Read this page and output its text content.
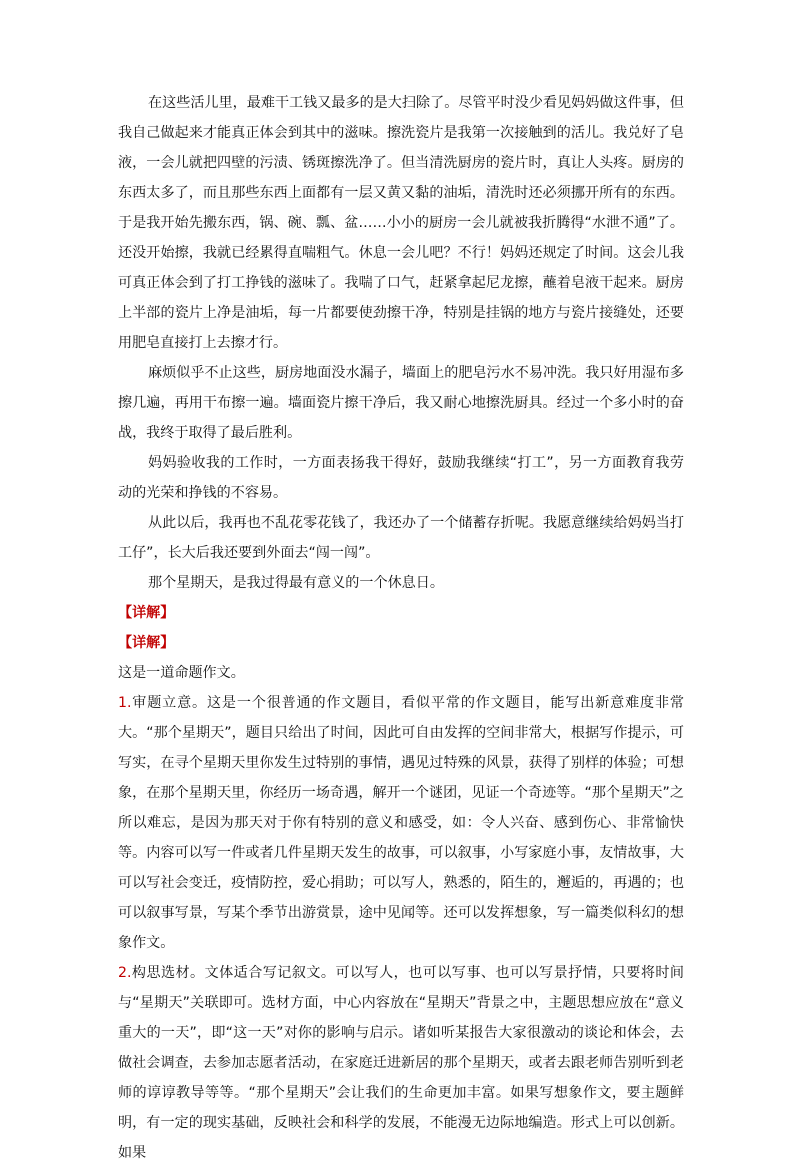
在这些活儿里，最难干工钱又最多的是大扫除了。尽管平时没少看见妈妈做这件事，但我自己做起来才能真正体会到其中的滋味。擦洗瓷片是我第一次接触到的活儿。我兑好了皂液，一会儿就把四壁的污渍、锈斑擦洗净了。但当清洗厨房的瓷片时，真让人头疼。厨房的东西太多了，而且那些东西上面都有一层又黄又黏的油垢，清洗时还必须挪开所有的东西。于是我开始先搬东西，锅、碗、瓢、盆……小小的厨房一会儿就被我折腾得“水泄不通”了。还没开始擦，我就已经累得直喘粗气。休息一会儿吧？不行！妈妈还规定了时间。这会儿我可真正体会到了打工挣钱的滋味了。我喘了口气，赶紧拿起尼龙擦，蘸着皂液干起来。厨房上半部的瓷片上净是油垢，每一片都要使劲擦干净，特别是挂锅的地方与瓷片接缝处，还要用肥皂直接打上去擦才行。

麻烦似乎不止这些，厨房地面没水漏子，墙面上的肥皂污水不易冲洗。我只好用湿布多擦几遍，再用干布擦一遍。墙面瓷片擦干净后，我又耐心地擦洗厨具。经过一个多小时的奋战，我终于取得了最后胜利。

妈妈验收我的工作时，一方面表扬我干得好，鼓励我继续“打工”，另一方面教育我劳动的光荣和挣钱的不容易。

从此以后，我再也不乱花零花钱了，我还办了一个储蓄存折呢。我愿意继续给妈妈当打工仔”，长大后我还要到外面去“闯一闯”。

那个星期天，是我过得最有意义的一个休息日。

【详解】

【详解】

这是一道命题作文。

1.审题立意。这是一个很普通的作文题目，看似平常的作文题目，能写出新意难度非常大。“那个星期天”，题目只给出了时间，因此可自由发挥的空间非常大，根据写作提示，可写实，在寻个星期天里你发生过特别的事情，遇见过特殊的风景，获得了别样的体验；可想象，在那个星期天里，你经历一场奇遇，解开一个谜团，见证一个奇迹等。“那个星期天”之所以难忘，是因为那天对于你有特别的意义和感受，如：令人兴奋、感到伤心、非常愉快等。内容可以写一件或者几件星期天发生的故事，可以叙事，小写家庭小事，友情故事，大可以写社会变迁，疫情防控，爱心捐助；可以写人，熟悉的，陌生的，邂逅的，再遇的；也可以叙事写景，写某个季节出游赏景，途中见闻等。还可以发挥想象，写一篇类似科幻的想象作文。

2.构思选材。文体适合写记叙文。可以写人，也可以写事、也可以写景抒情，只要将时间与“星期天”关联即可。选材方面，中心内容放在“星期天”背景之中，主题思想应放在“意义重大的一天”，即“这一天”对你的影响与启示。诸如听某报告大家很激动的谈论和体会，去做社会调查，去参加志愿者活动，在家庭迁进新居的那个星期天，或者去跟老师告别听到老师的谆谆教导等等。“那个星期天”会让我们的生命更加丰富。如果写想象作文，要主题鲜明，有一定的现实基础，反映社会和科学的发展，不能漫无边际地编造。形式上可以创新。如果
